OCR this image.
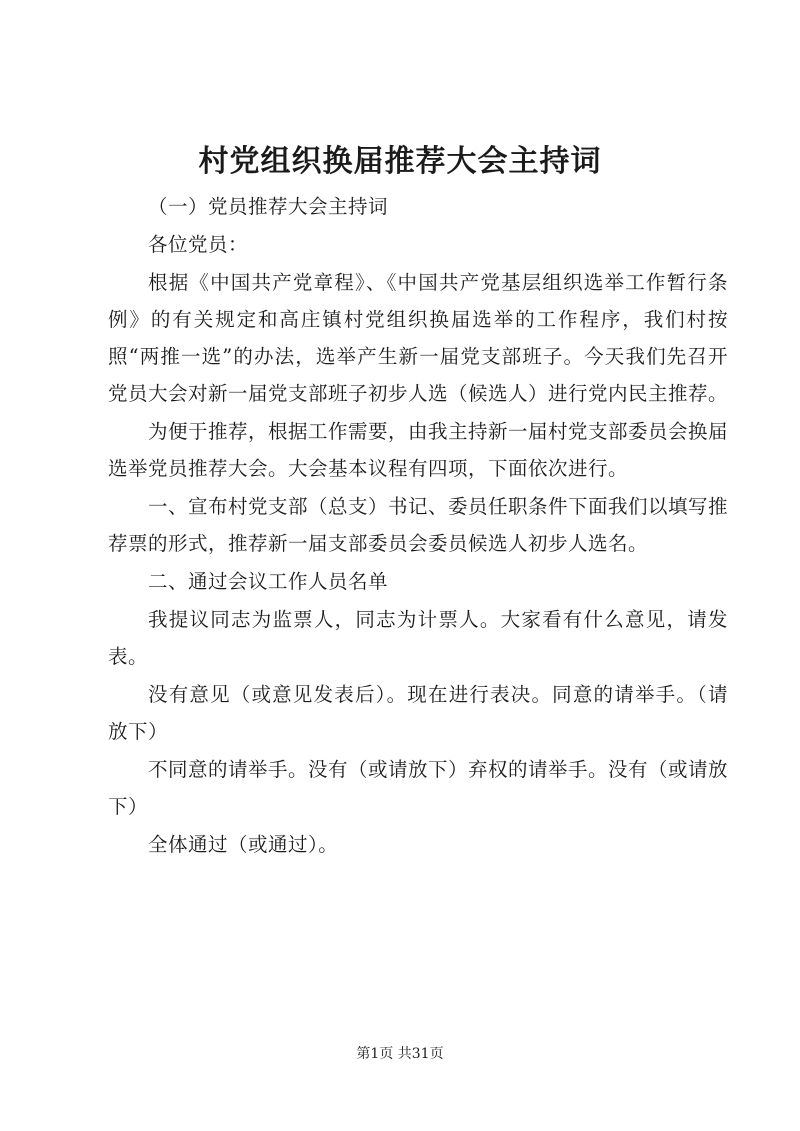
村党组织换届推荐大会主持词

（一）党员推荐大会主持词

各位党员：

根据《中国共产党章程》、《中国共产党基层组织选举工作暂行条例》的有关规定和高庄镇村党组织换届选举的工作程序，我们村按照“两推一选”的办法，选举产生新一届党支部班子。今天我们先召开党员大会对新一届党支部班子初步人选（候选人）进行党内民主推荐。

为便于推荐，根据工作需要，由我主持新一届村党支部委员会换届选举党员推荐大会。大会基本议程有四项，下面依次进行。

一、宣布村党支部（总支）书记、委员任职条件下面我们以填写推荐票的形式，推荐新一届支部委员会委员候选人初步人选名。

二、通过会议工作人员名单

我提议同志为监票人，同志为计票人。大家看有什么意见，请发表。

没有意见（或意见发表后）。现在进行表决。同意的请举手。（请放下）

不同意的请举手。没有（或请放下）弃权的请举手。没有（或请放下）

全体通过（或通过）。

第1页 共31页
